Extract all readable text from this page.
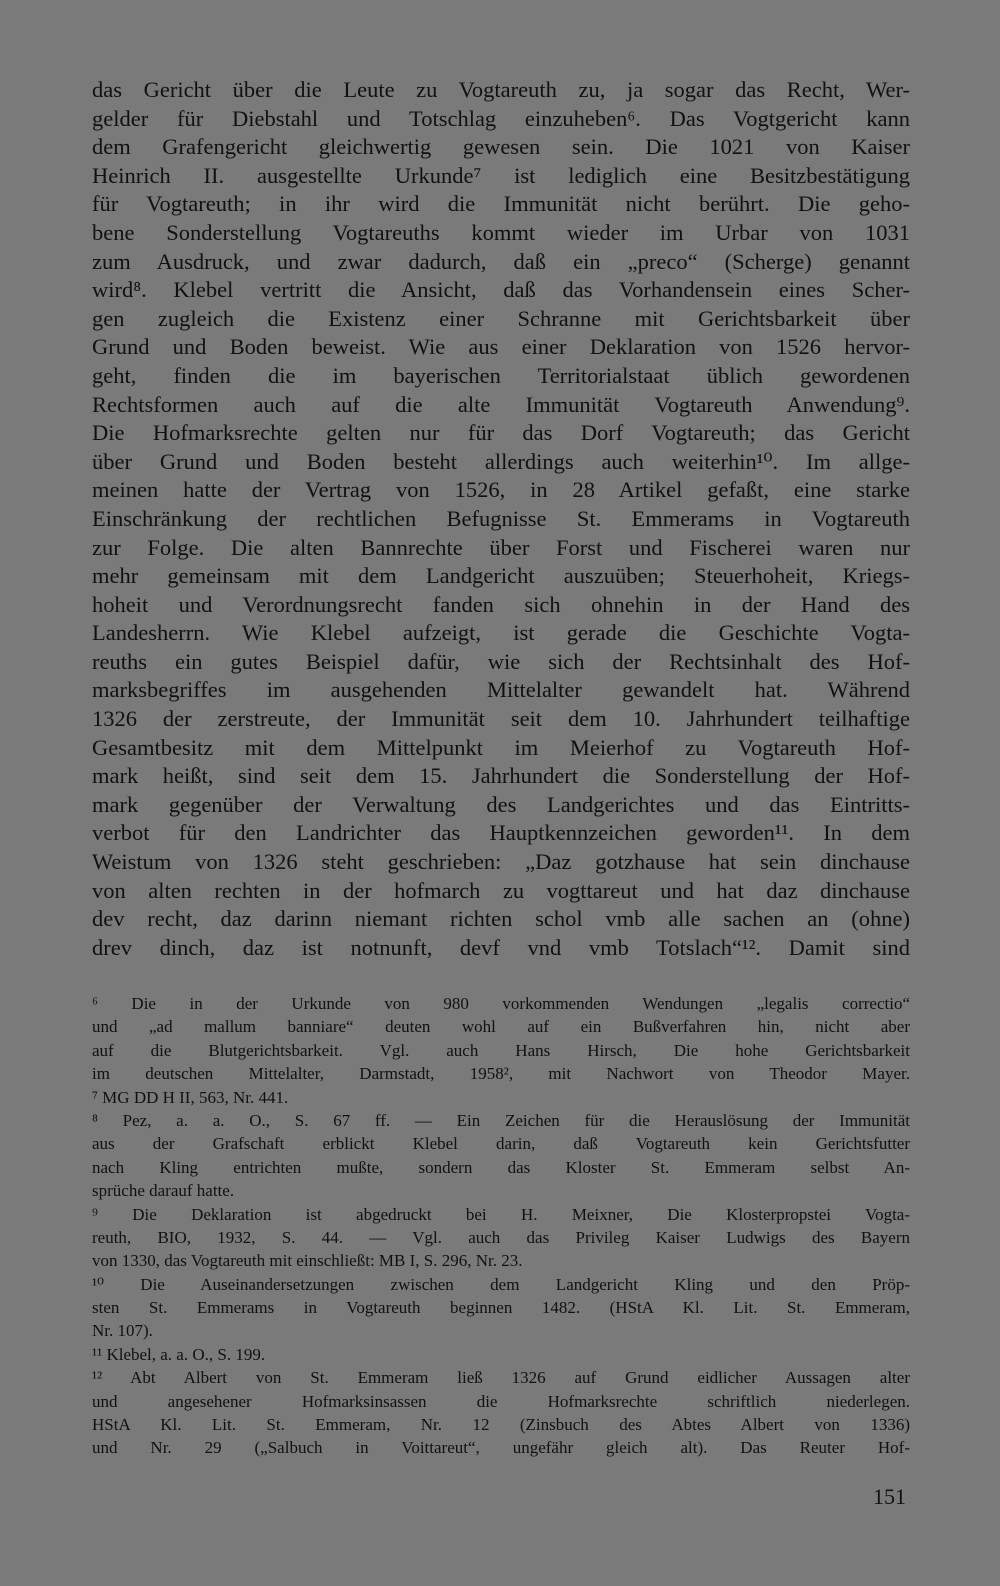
das Gericht über die Leute zu Vogtareuth zu, ja sogar das Recht, Wer-
gelder für Diebstahl und Totschlag einzuheben⁶. Das Vogtgericht kann
dem Grafengericht gleichwertig gewesen sein. Die 1021 von Kaiser
Heinrich II. ausgestellte Urkunde⁷ ist lediglich eine Besitzbestätigung
für Vogtareuth; in ihr wird die Immunität nicht berührt. Die geho-
bene Sonderstellung Vogtareuths kommt wieder im Urbar von 1031
zum Ausdruck, und zwar dadurch, daß ein „preco“ (Scherge) genannt
wird⁸. Klebel vertritt die Ansicht, daß das Vorhandensein eines Scher-
gen zugleich die Existenz einer Schranne mit Gerichtsbarkeit über
Grund und Boden beweist. Wie aus einer Deklaration von 1526 hervor-
geht, finden die im bayerischen Territorialstaat üblich gewordenen
Rechtsformen auch auf die alte Immunität Vogtareuth Anwendung⁹.
Die Hofmarksrechte gelten nur für das Dorf Vogtareuth; das Gericht
über Grund und Boden besteht allerdings auch weiterhin¹⁰. Im allge-
meinen hatte der Vertrag von 1526, in 28 Artikel gefaßt, eine starke
Einschränkung der rechtlichen Befugnisse St. Emmerams in Vogtareuth
zur Folge. Die alten Bannrechte über Forst und Fischerei waren nur
mehr gemeinsam mit dem Landgericht auszuüben; Steuerhoheit, Kriegs-
hoheit und Verordnungsrecht fanden sich ohnehin in der Hand des
Landesherrn. Wie Klebel aufzeigt, ist gerade die Geschichte Vogta-
reuths ein gutes Beispiel dafür, wie sich der Rechtsinhalt des Hof-
marksbegriffes im ausgehenden Mittelalter gewandelt hat. Während
1326 der zerstreute, der Immunität seit dem 10. Jahrhundert teilhaftige
Gesamtbesitz mit dem Mittelpunkt im Meierhof zu Vogtareuth Hof-
mark heißt, sind seit dem 15. Jahrhundert die Sonderstellung der Hof-
mark gegenüber der Verwaltung des Landgerichtes und das Eintritts-
verbot für den Landrichter das Hauptkennzeichen geworden¹¹. In dem
Weistum von 1326 steht geschrieben: „Daz gotzhause hat sein dinchause
von alten rechten in der hofmarch zu vogttareut und hat daz dinchause
dev recht, daz darinn niemant richten schol vmb alle sachen an (ohne)
drev dinch, daz ist notnunft, devf vnd vmb Totslach“¹². Damit sind
⁶ Die in der Urkunde von 980 vorkommenden Wendungen „legalis correctio“
und „ad mallum banniare“ deuten wohl auf ein Bußverfahren hin, nicht aber
auf die Blutgerichtsbarkeit. Vgl. auch Hans Hirsch, Die hohe Gerichtsbarkeit
im deutschen Mittelalter, Darmstadt, 1958², mit Nachwort von Theodor Mayer.
⁷ MG DD H II, 563, Nr. 441.
⁸ Pez, a. a. O., S. 67 ff. — Ein Zeichen für die Herauslösung der Immunität
aus der Grafschaft erblickt Klebel darin, daß Vogtareuth kein Gerichtsfutter
nach Kling entrichten mußte, sondern das Kloster St. Emmeram selbst An-
sprüche darauf hatte.
⁹ Die Deklaration ist abgedruckt bei H. Meixner, Die Klosterpropstei Vogta-
reuth, BIO, 1932, S. 44. — Vgl. auch das Privileg Kaiser Ludwigs des Bayern
von 1330, das Vogtareuth mit einschließt: MB I, S. 296, Nr. 23.
¹⁰ Die Auseinandersetzungen zwischen dem Landgericht Kling und den Pröp-
sten St. Emmerams in Vogtareuth beginnen 1482. (HStA Kl. Lit. St. Emmeram,
Nr. 107).
¹¹ Klebel, a. a. O., S. 199.
¹² Abt Albert von St. Emmeram ließ 1326 auf Grund eidlicher Aussagen alter
und angesehener Hofmarksinsassen die Hofmarksrechte schriftlich niederlegen.
HStA Kl. Lit. St. Emmeram, Nr. 12 (Zinsbuch des Abtes Albert von 1336)
und Nr. 29 („Salbuch in Voittareut“, ungefähr gleich alt). Das Reuter Hof-
151
